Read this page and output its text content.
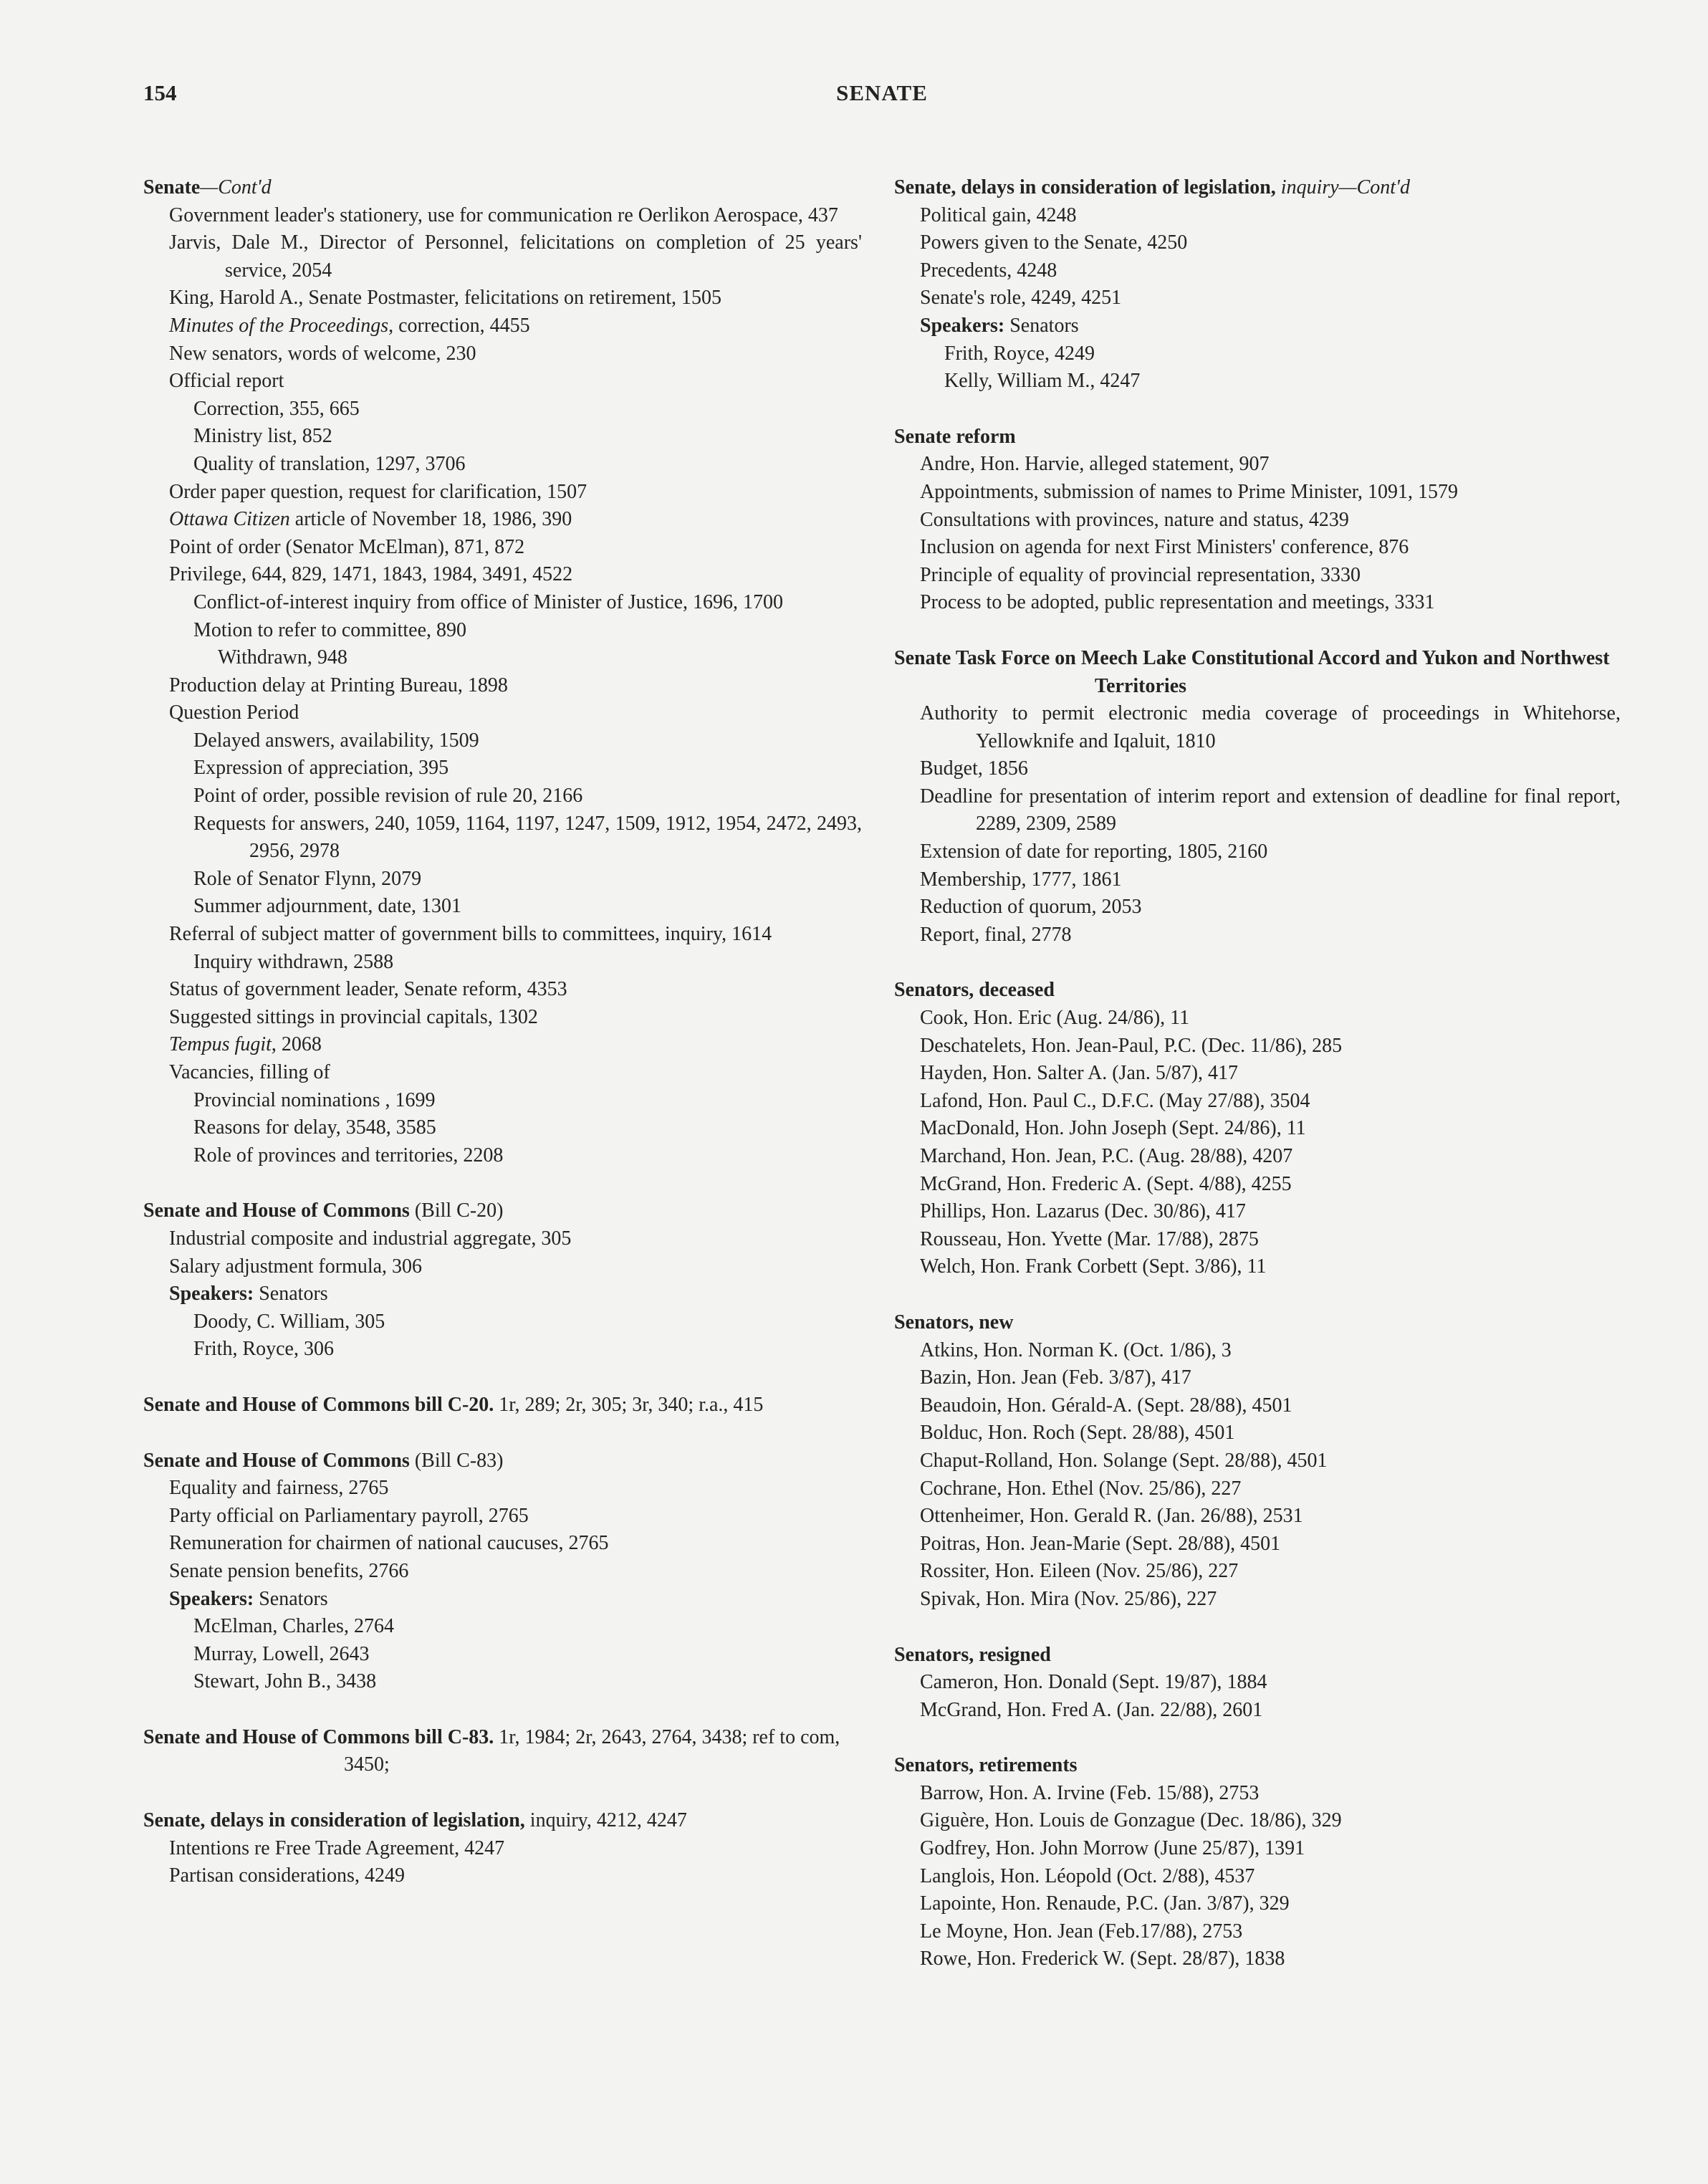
154	SENATE
Senate—Cont'd
Government leader's stationery, use for communication re Oerlikon Aerospace, 437
Jarvis, Dale M., Director of Personnel, felicitations on completion of 25 years' service, 2054
King, Harold A., Senate Postmaster, felicitations on retirement, 1505
Minutes of the Proceedings, correction, 4455
New senators, words of welcome, 230
Official report
Correction, 355, 665
Ministry list, 852
Quality of translation, 1297, 3706
Order paper question, request for clarification, 1507
Ottawa Citizen article of November 18, 1986, 390
Point of order (Senator McElman), 871, 872
Privilege, 644, 829, 1471, 1843, 1984, 3491, 4522
Conflict-of-interest inquiry from office of Minister of Justice, 1696, 1700
Motion to refer to committee, 890
Withdrawn, 948
Production delay at Printing Bureau, 1898
Question Period
Delayed answers, availability, 1509
Expression of appreciation, 395
Point of order, possible revision of rule 20, 2166
Requests for answers, 240, 1059, 1164, 1197, 1247, 1509, 1912, 1954, 2472, 2493, 2956, 2978
Role of Senator Flynn, 2079
Summer adjournment, date, 1301
Referral of subject matter of government bills to committees, inquiry, 1614
Inquiry withdrawn, 2588
Status of government leader, Senate reform, 4353
Suggested sittings in provincial capitals, 1302
Tempus fugit, 2068
Vacancies, filling of
Provincial nominations , 1699
Reasons for delay, 3548, 3585
Role of provinces and territories, 2208
Senate and House of Commons (Bill C-20)
Industrial composite and industrial aggregate, 305
Salary adjustment formula, 306
Speakers: Senators
Doody, C. William, 305
Frith, Royce, 306
Senate and House of Commons bill C-20. 1r, 289; 2r, 305; 3r, 340; r.a., 415
Senate and House of Commons (Bill C-83)
Equality and fairness, 2765
Party official on Parliamentary payroll, 2765
Remuneration for chairmen of national caucuses, 2765
Senate pension benefits, 2766
Speakers: Senators
McElman, Charles, 2764
Murray, Lowell, 2643
Stewart, John B., 3438
Senate and House of Commons bill C-83. 1r, 1984; 2r, 2643, 2764, 3438; ref to com, 3450;
Senate, delays in consideration of legislation, inquiry, 4212, 4247
Intentions re Free Trade Agreement, 4247
Partisan considerations, 4249
Senate, delays in consideration of legislation, inquiry—Cont'd
Political gain, 4248
Powers given to the Senate, 4250
Precedents, 4248
Senate's role, 4249, 4251
Speakers: Senators
Frith, Royce, 4249
Kelly, William M., 4247
Senate reform
Andre, Hon. Harvie, alleged statement, 907
Appointments, submission of names to Prime Minister, 1091, 1579
Consultations with provinces, nature and status, 4239
Inclusion on agenda for next First Ministers' conference, 876
Principle of equality of provincial representation, 3330
Process to be adopted, public representation and meetings, 3331
Senate Task Force on Meech Lake Constitutional Accord and Yukon and Northwest Territories
Authority to permit electronic media coverage of proceedings in Whitehorse, Yellowknife and Iqaluit, 1810
Budget, 1856
Deadline for presentation of interim report and extension of deadline for final report, 2289, 2309, 2589
Extension of date for reporting, 1805, 2160
Membership, 1777, 1861
Reduction of quorum, 2053
Report, final, 2778
Senators, deceased
Cook, Hon. Eric (Aug. 24/86), 11
Deschatelets, Hon. Jean-Paul, P.C. (Dec. 11/86), 285
Hayden, Hon. Salter A. (Jan. 5/87), 417
Lafond, Hon. Paul C., D.F.C. (May 27/88), 3504
MacDonald, Hon. John Joseph (Sept. 24/86), 11
Marchand, Hon. Jean, P.C. (Aug. 28/88), 4207
McGrand, Hon. Frederic A. (Sept. 4/88), 4255
Phillips, Hon. Lazarus (Dec. 30/86), 417
Rousseau, Hon. Yvette (Mar. 17/88), 2875
Welch, Hon. Frank Corbett (Sept. 3/86), 11
Senators, new
Atkins, Hon. Norman K. (Oct. 1/86), 3
Bazin, Hon. Jean (Feb. 3/87), 417
Beaudoin, Hon. Gérald-A. (Sept. 28/88), 4501
Bolduc, Hon. Roch (Sept. 28/88), 4501
Chaput-Rolland, Hon. Solange (Sept. 28/88), 4501
Cochrane, Hon. Ethel (Nov. 25/86), 227
Ottenheimer, Hon. Gerald R. (Jan. 26/88), 2531
Poitras, Hon. Jean-Marie (Sept. 28/88), 4501
Rossiter, Hon. Eileen (Nov. 25/86), 227
Spivak, Hon. Mira (Nov. 25/86), 227
Senators, resigned
Cameron, Hon. Donald (Sept. 19/87), 1884
McGrand, Hon. Fred A. (Jan. 22/88), 2601
Senators, retirements
Barrow, Hon. A. Irvine (Feb. 15/88), 2753
Giguère, Hon. Louis de Gonzague (Dec. 18/86), 329
Godfrey, Hon. John Morrow (June 25/87), 1391
Langlois, Hon. Léopold (Oct. 2/88), 4537
Lapointe, Hon. Renaude, P.C. (Jan. 3/87), 329
Le Moyne, Hon. Jean (Feb.17/88), 2753
Rowe, Hon. Frederick W. (Sept. 28/87), 1838
